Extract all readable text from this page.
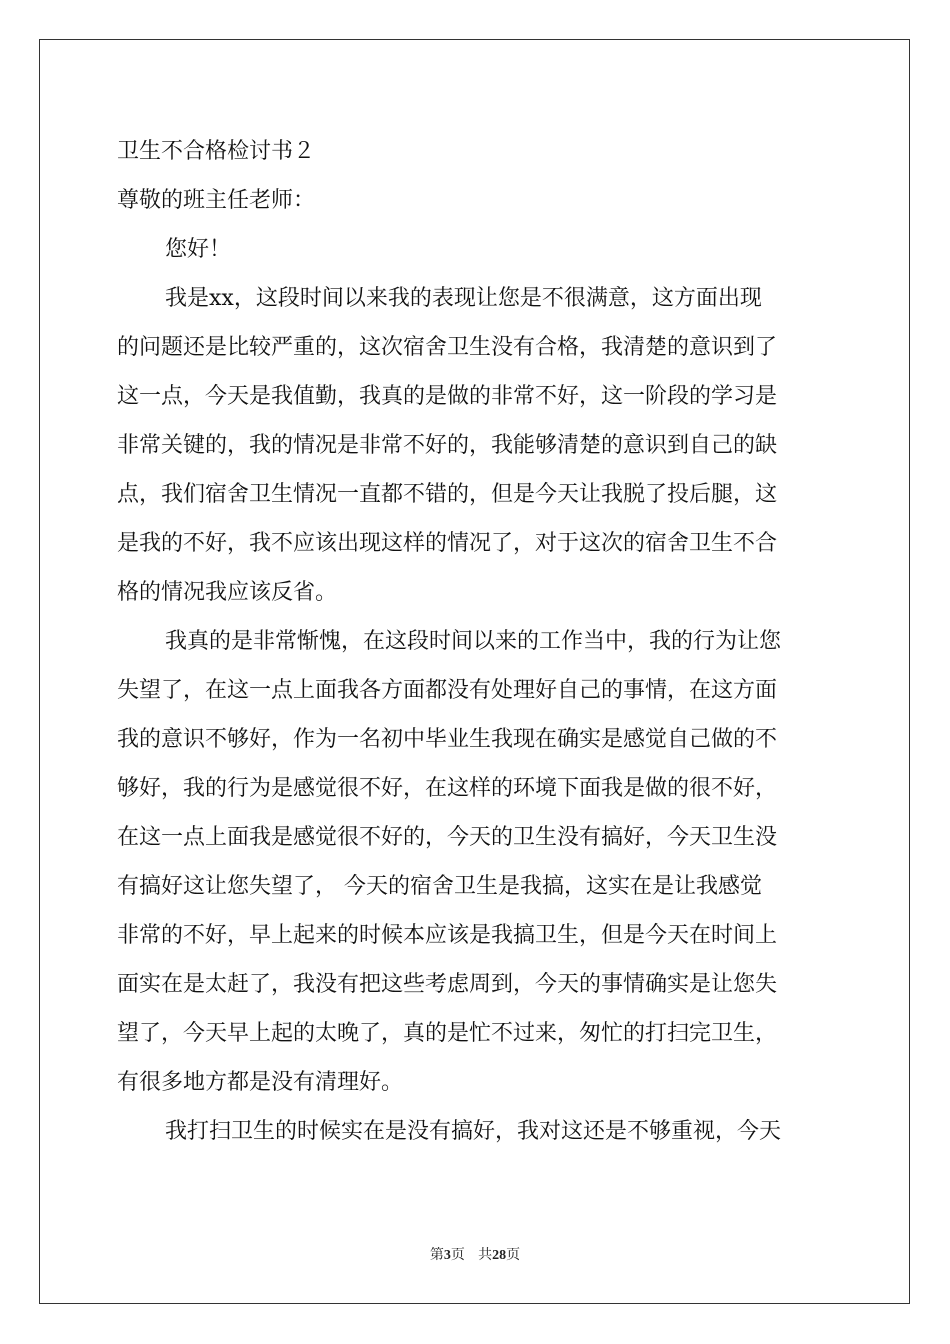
卫生不合格检讨书２
尊敬的班主任老师：
您好！
我是xx，这段时间以来我的表现让您是不很满意，这方面出现
的问题还是比较严重的，这次宿舍卫生没有合格，我清楚的意识到了
这一点，今天是我值勤，我真的是做的非常不好，这一阶段的学习是
非常关键的，我的情况是非常不好的，我能够清楚的意识到自己的缺
点，我们宿舍卫生情况一直都不错的，但是今天让我脱了投后腿，这
是我的不好，我不应该出现这样的情况了，对于这次的宿舍卫生不合
格的情况我应该反省。
我真的是非常惭愧，在这段时间以来的工作当中，我的行为让您
失望了，在这一点上面我各方面都没有处理好自己的事情，在这方面
我的意识不够好，作为一名初中毕业生我现在确实是感觉自己做的不
够好，我的行为是感觉很不好，在这样的环境下面我是做的很不好，
在这一点上面我是感觉很不好的，今天的卫生没有搞好，今天卫生没
有搞好这让您失望了， 今天的宿舍卫生是我搞，这实在是让我感觉
非常的不好，早上起来的时候本应该是我搞卫生，但是今天在时间上
面实在是太赶了，我没有把这些考虑周到，今天的事情确实是让您失
望了，今天早上起的太晚了，真的是忙不过来，匆忙的打扫完卫生，
有很多地方都是没有清理好。
我打扫卫生的时候实在是没有搞好，我对这还是不够重视，今天
第3页 共28页
